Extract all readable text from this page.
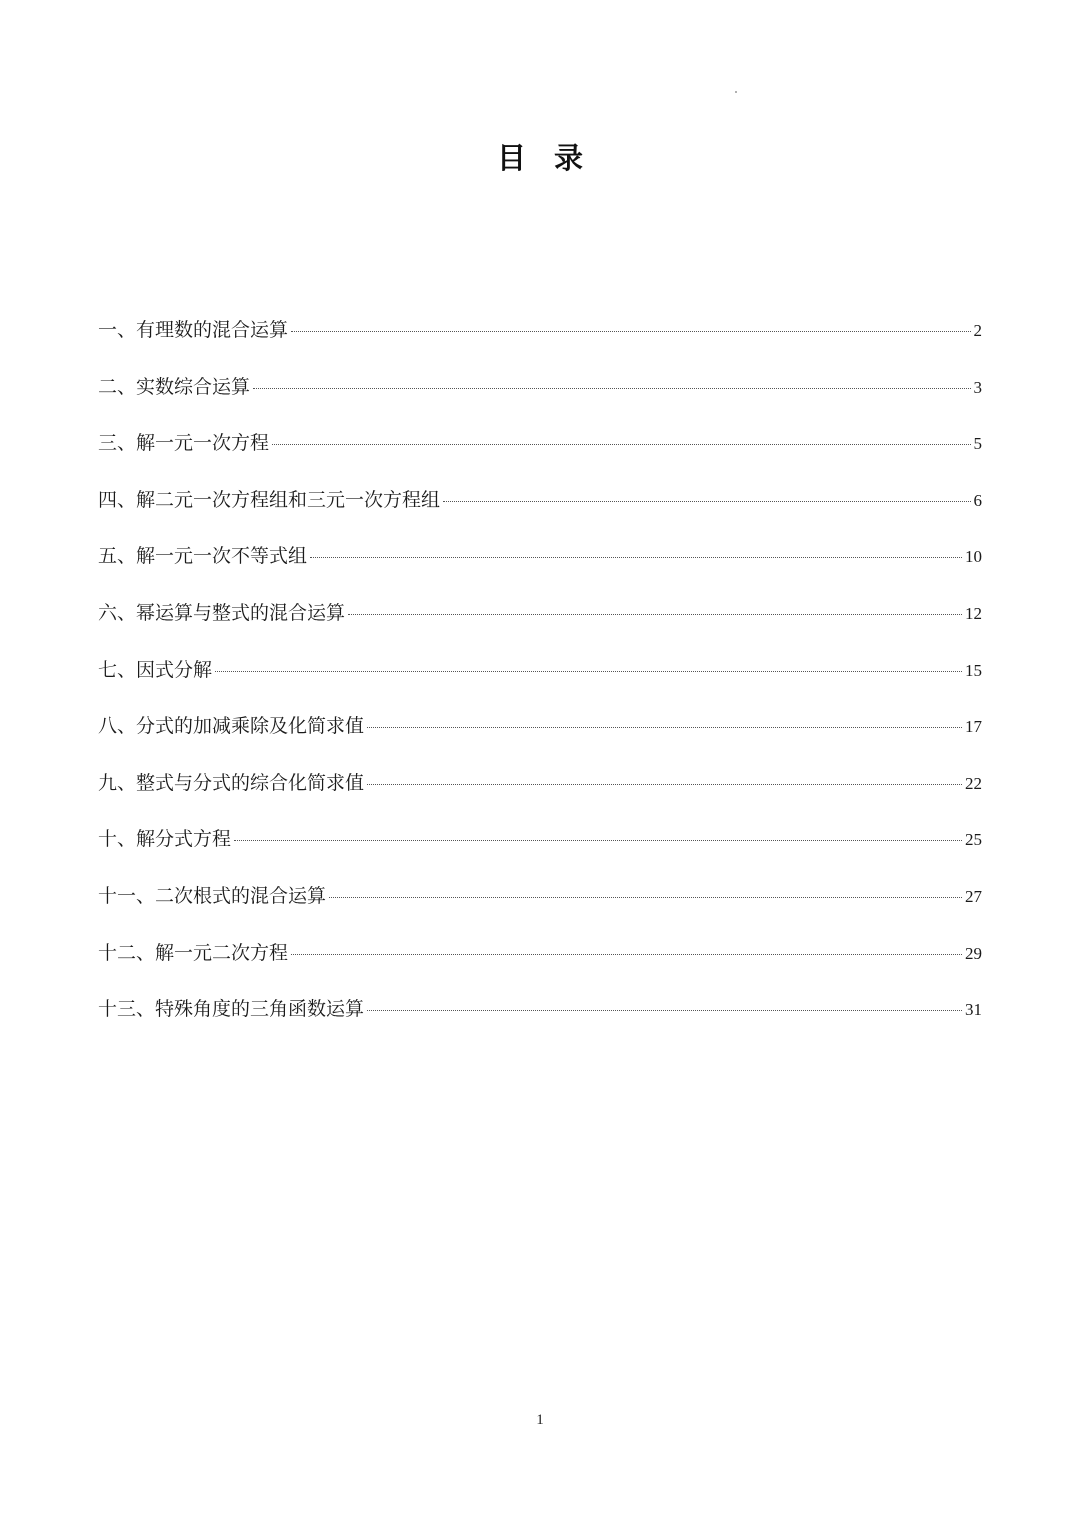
目录
一、有理数的混合运算	2
二、实数综合运算	3
三、解一元一次方程	5
四、解二元一次方程组和三元一次方程组	6
五、解一元一次不等式组	10
六、幂运算与整式的混合运算	12
七、因式分解	15
八、分式的加减乘除及化简求值	17
九、整式与分式的综合化简求值	22
十、解分式方程	25
十一、二次根式的混合运算	27
十二、解一元二次方程	29
十三、特殊角度的三角函数运算	31
1
